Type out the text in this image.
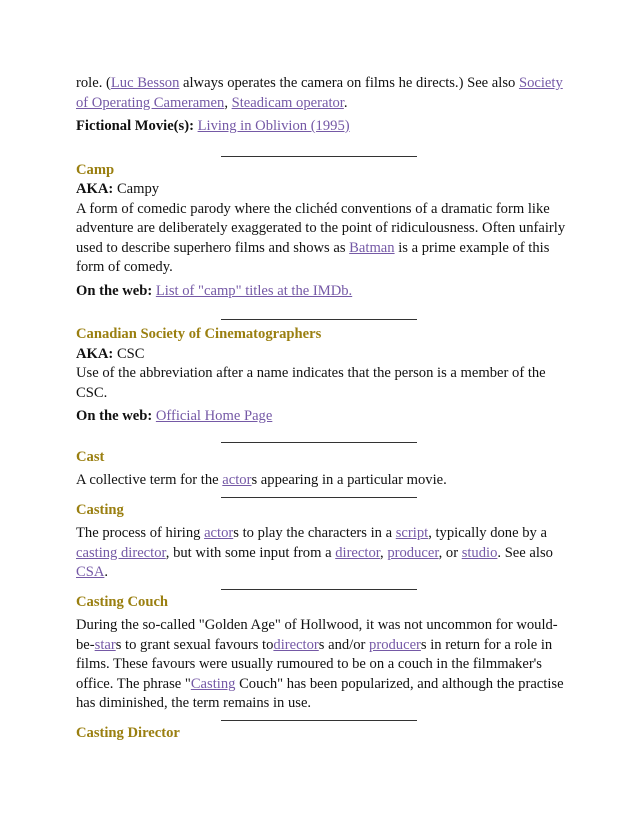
role. (Luc Besson always operates the camera on films he directs.) See also Society of Operating Cameramen, Steadicam operator.

Fictional Movie(s): Living in Oblivion (1995)

Camp

AKA: Campy

A form of comedic parody where the clichéd conventions of a dramatic form like adventure are deliberately exaggerated to the point of ridiculousness. Often unfairly used to describe superhero films and shows as Batman is a prime example of this form of comedy.

On the web: List of "camp" titles at the IMDb.

Canadian Society of Cinematographers

AKA: CSC

Use of the abbreviation after a name indicates that the person is a member of the CSC.

On the web: Official Home Page

Cast

A collective term for the actors appearing in a particular movie.

Casting

The process of hiring actors to play the characters in a script, typically done by a casting director, but with some input from a director, producer, or studio. See also CSA.

Casting Couch

During the so-called "Golden Age" of Hollwood, it was not uncommon for would-be-stars to grant sexual favours todirectors and/or producers in return for a role in films. These favours were usually rumoured to be on a couch in the filmmaker's office. The phrase "Casting Couch" has been popularized, and although the practise has diminished, the term remains in use.

Casting Director
